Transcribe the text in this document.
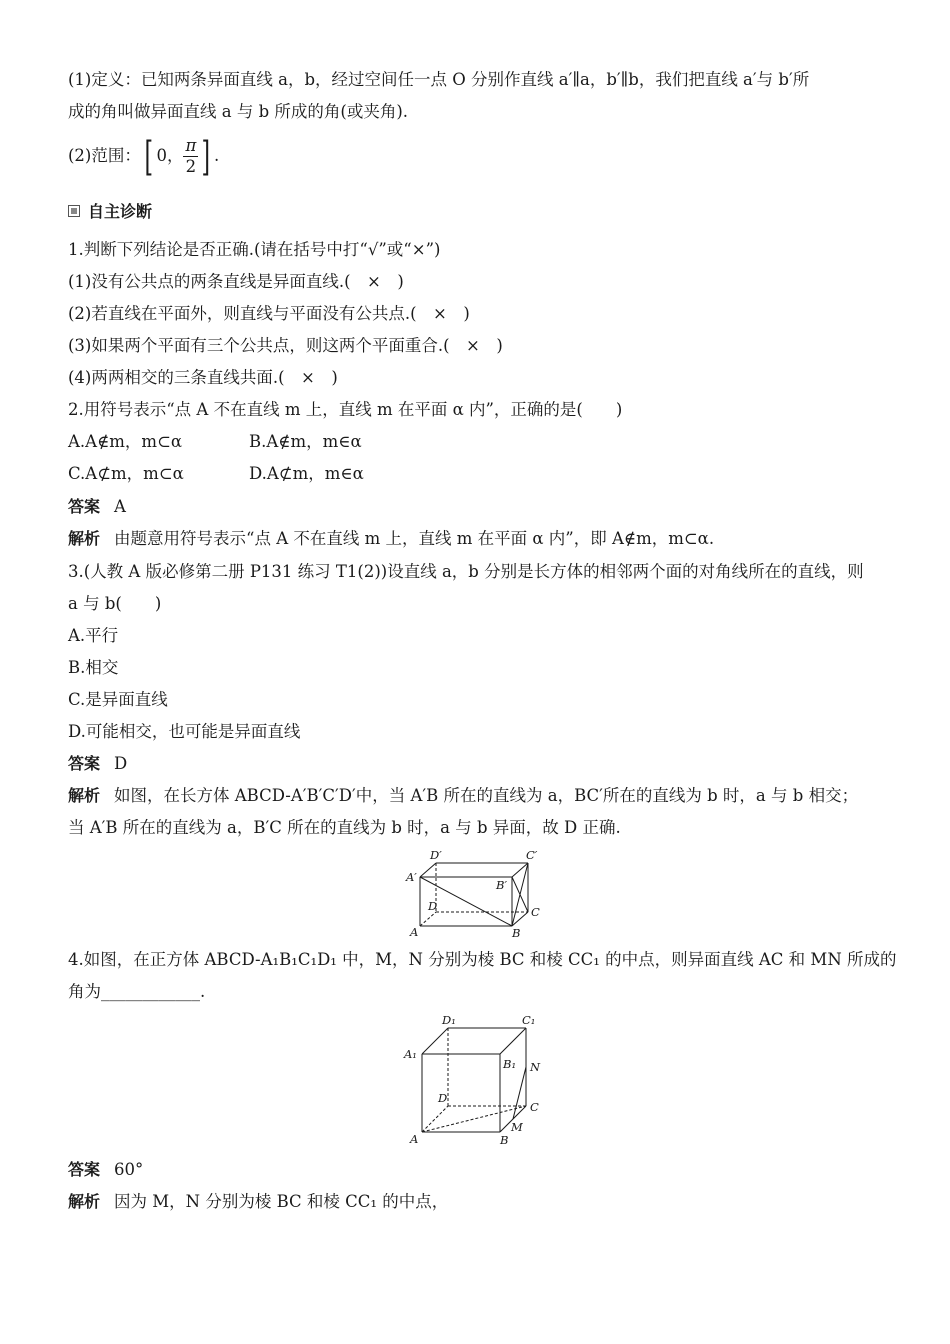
(1)定义：已知两条异面直线 a，b，经过空间任一点 O 分别作直线 a′∥a，b′∥b，我们把直线 a′与 b′所
成的角叫做异面直线 a 与 b 所成的角(或夹角).
(2)范围：[ 0， $\frac{\pi}{2}$ ] .
自主诊断
1.判断下列结论是否正确.(请在括号中打“√”或“×”)
(1)没有公共点的两条直线是异面直线.(　×　)
(2)若直线在平面外，则直线与平面没有公共点.(　×　)
(3)如果两个平面有三个公共点，则这两个平面重合.(　×　)
(4)两两相交的三条直线共面.(　×　)
2.用符号表示“点 A 不在直线 m 上，直线 m 在平面 α 内”，正确的是(　　)
A.A∉m，m⊂α	B.A∉m，m∈α
C.A⊄m，m⊂α	D.A⊄m，m∈α
答案 A
解析 由题意用符号表示“点 A 不在直线 m 上，直线 m 在平面 α 内”，即 A∉m，m⊂α.
3.(人教 A 版必修第二册 P131 练习 T1(2))设直线 a，b 分别是长方体的相邻两个面的对角线所在的直线，则
a 与 b(　　)
A.平行
B.相交
C.是异面直线
D.可能相交，也可能是异面直线
答案 D
解析 如图，在长方体 ABCD-A′B′C′D′中，当 A′B 所在的直线为 a，BC′所在的直线为 b 时，a 与 b 相交；
当 A′B 所在的直线为 a，B′C 所在的直线为 b 时，a 与 b 异面，故 D 正确.
D′	C′
A′
B′
D	C
A	B
4.如图，在正方体 ABCD-A₁B₁C₁D₁ 中，M，N 分别为棱 BC 和棱 CC₁ 的中点，则异面直线 AC 和 MN 所成的
角为____________.
D₁	C₁
A₁
B₁ N
D
C
M
A	B
答案 60°
解析 因为 M，N 分别为棱 BC 和棱 CC₁ 的中点，
